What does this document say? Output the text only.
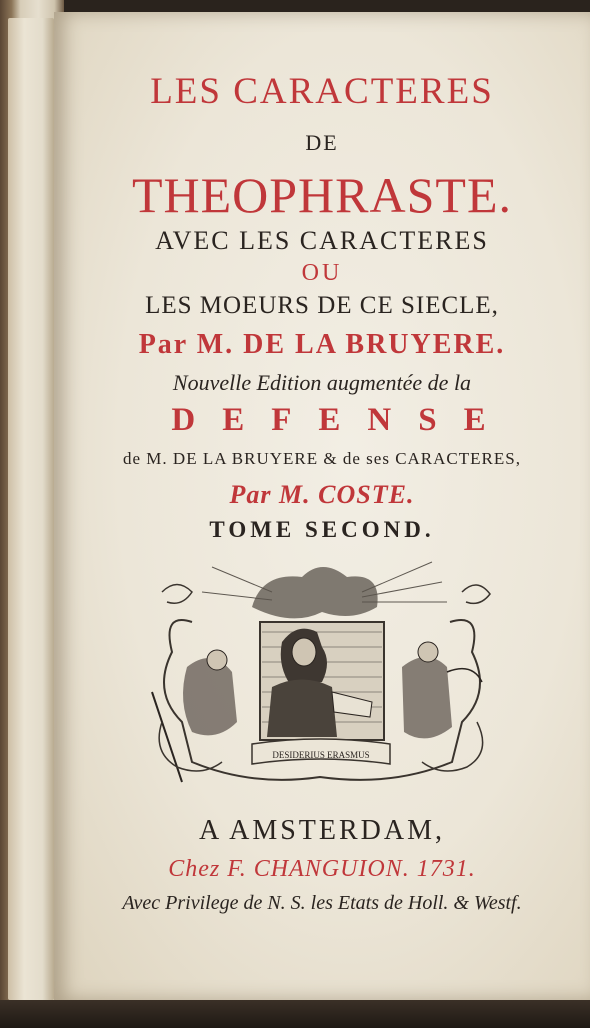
LES CARACTERES
DE
THEOPHRASTE.
AVEC LES CARACTERES
OU
LES MOEURS DE CE SIECLE,
Par M. DE LA BRUYERE.
Nouvelle Edition augmentée de la
DEFENSE
de M. DE LA BRUYERE & de ses CARACTERES,
Par M. COSTE.
TOME SECOND.
DESIDERIUS ERASMUS
A AMSTERDAM,
Chez F. CHANGUION. 1731.
Avec Privilege de N. S. les Etats de Holl. & Westf.
